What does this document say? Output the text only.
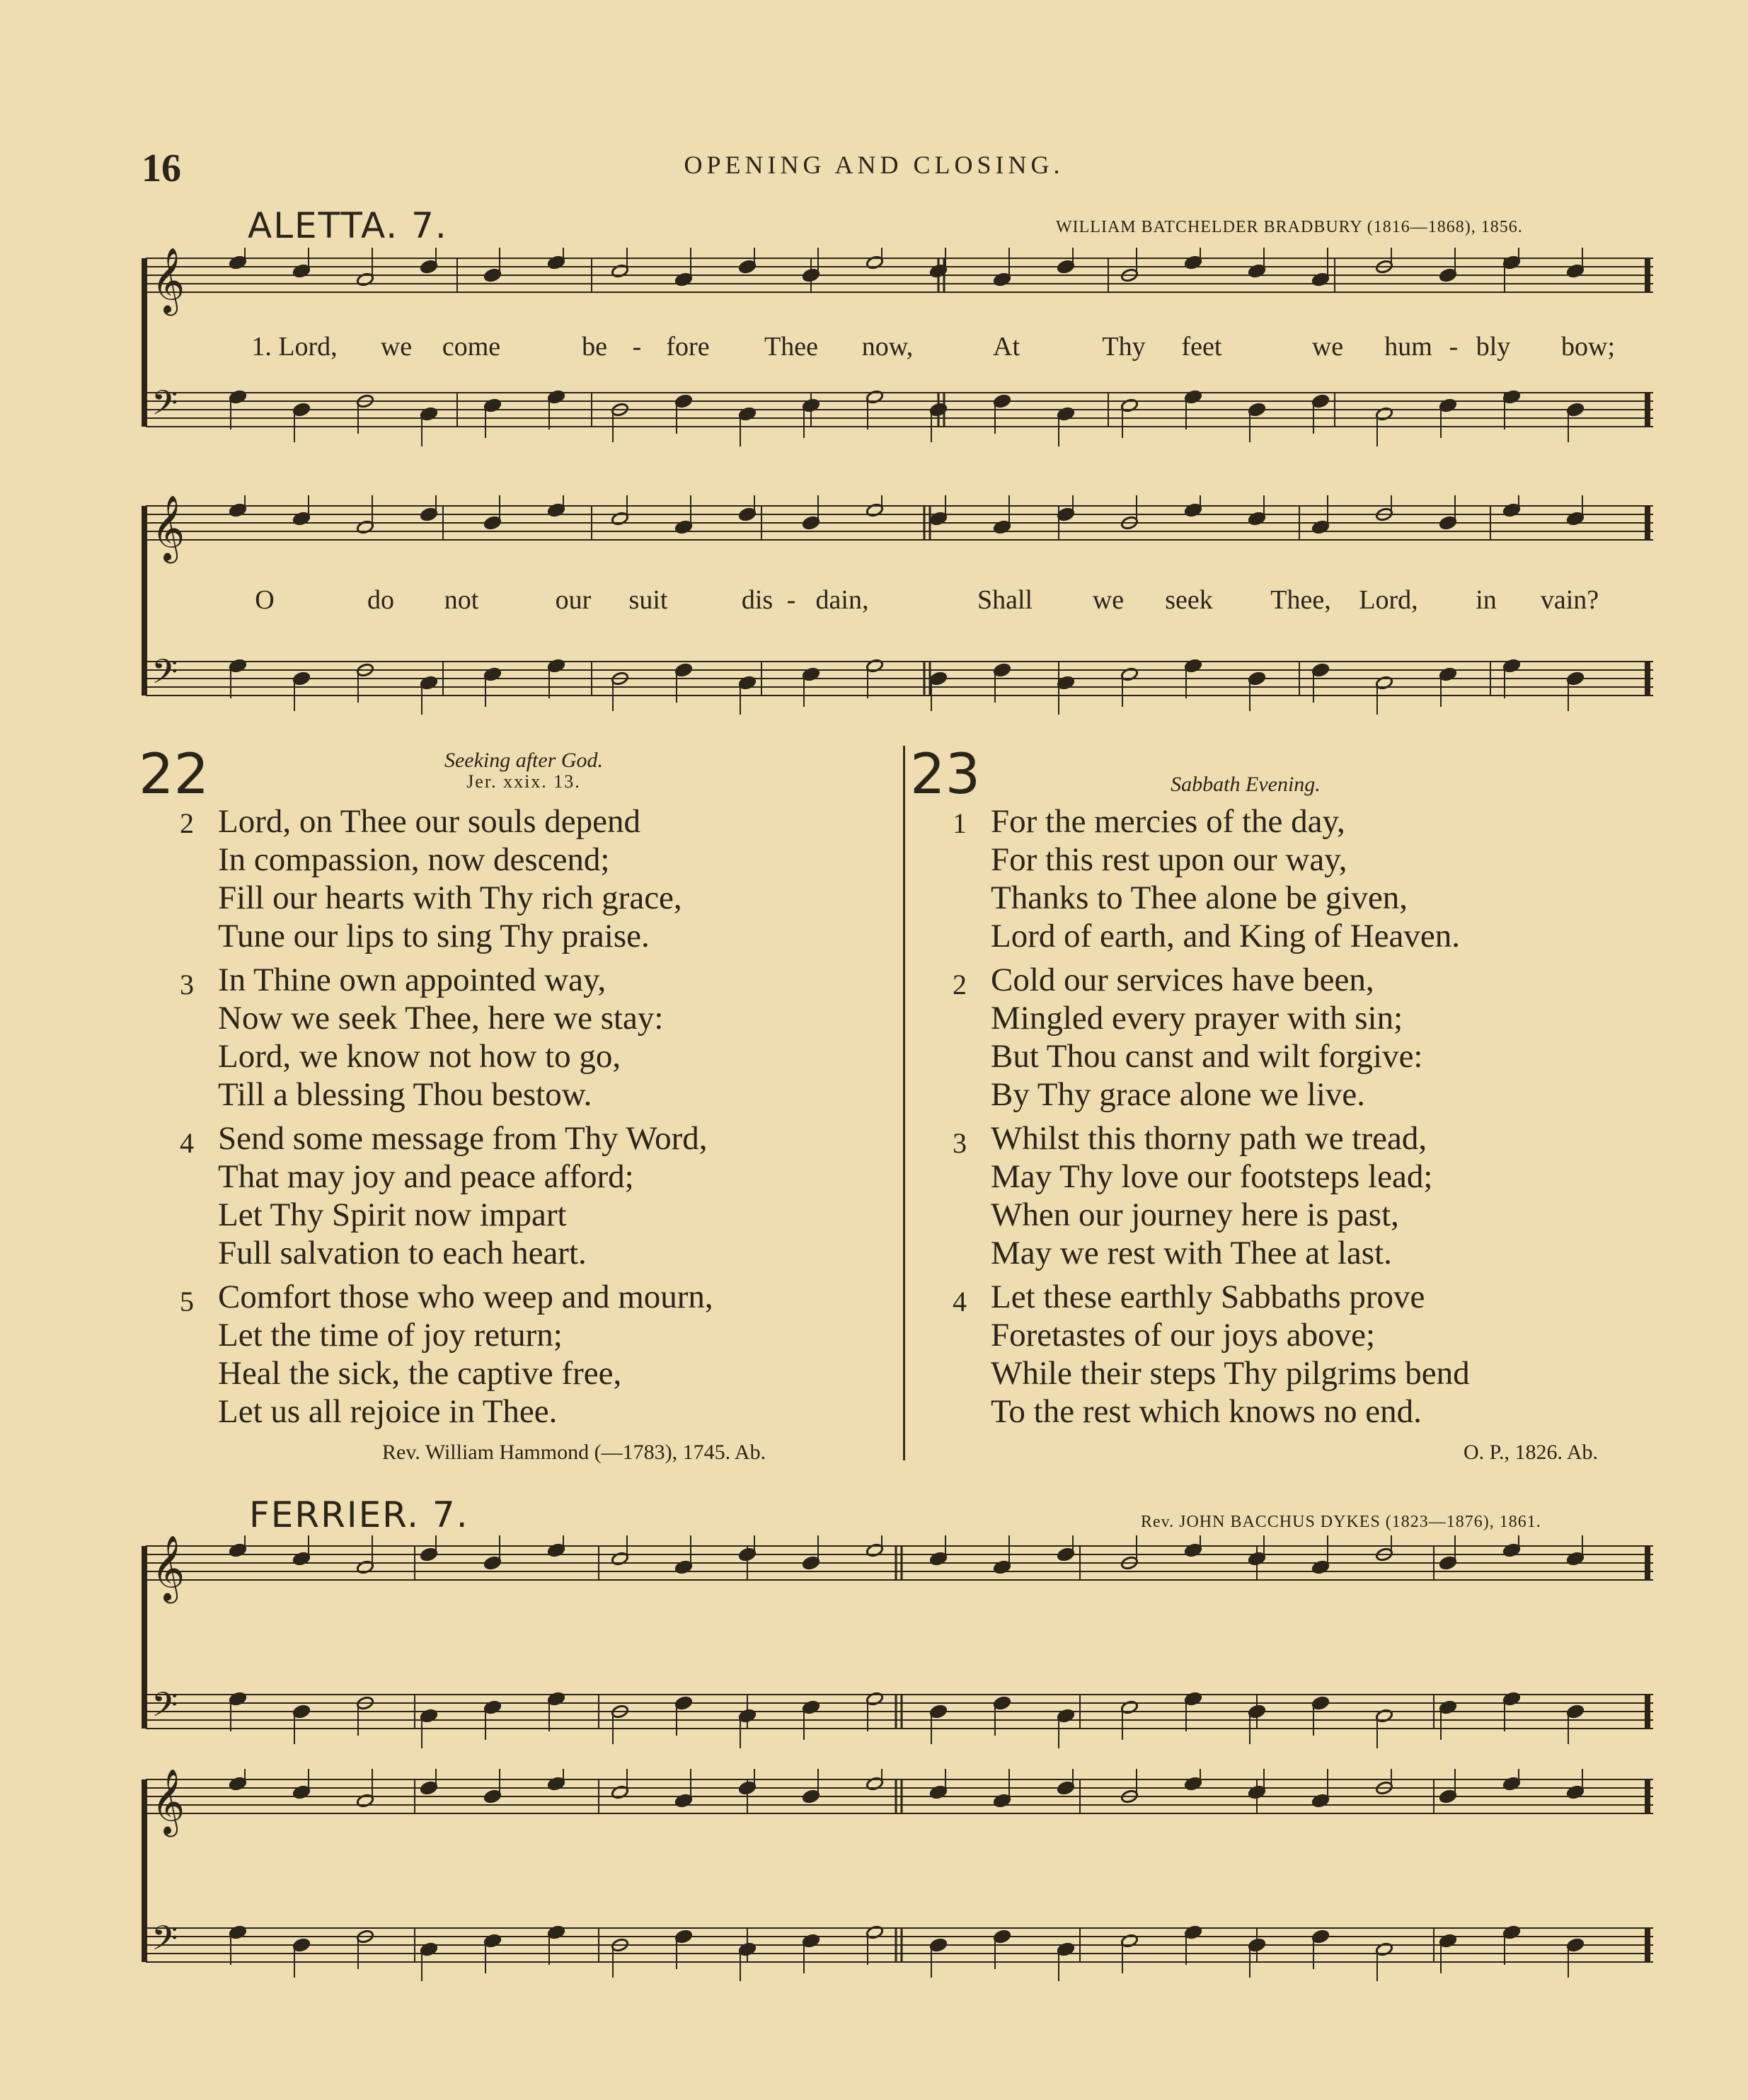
16	OPENING AND CLOSING.
ALETTA. 7.	WILLIAM BATCHELDER BRADBURY (1816—1868), 1856.
𝄞
𝄢
1. Lord, we come	be - fore Thee now,	At	Thy feet	we hum - bly bow;
𝄞
𝄢
O	do not	our suit	dis - dain,	Shall we seek Thee, Lord, in vain?
22	Seeking after God.
Jer. xxix. 13.
2 Lord, on Thee our souls depend
In compassion, now descend;
Fill our hearts with Thy rich grace,
Tune our lips to sing Thy praise.
3 In Thine own appointed way,
Now we seek Thee, here we stay:
Lord, we know not how to go,
Till a blessing Thou bestow.
4 Send some message from Thy Word,
That may joy and peace afford;
Let Thy Spirit now impart
Full salvation to each heart.
5 Comfort those who weep and mourn,
Let the time of joy return;
Heal the sick, the captive free,
Let us all rejoice in Thee.
Rev. William Hammond (—1783), 1745. Ab.
23	Sabbath Evening.
1 For the mercies of the day,
For this rest upon our way,
Thanks to Thee alone be given,
Lord of earth, and King of Heaven.
2 Cold our services have been,
Mingled every prayer with sin;
But Thou canst and wilt forgive:
By Thy grace alone we live.
3 Whilst this thorny path we tread,
May Thy love our footsteps lead;
When our journey here is past,
May we rest with Thee at last.
4 Let these earthly Sabbaths prove
Foretastes of our joys above;
While their steps Thy pilgrims bend
To the rest which knows no end.
O. P., 1826. Ab.
FERRIER. 7.	Rev. JOHN BACCHUS DYKES (1823—1876), 1861.
𝄞
𝄢
𝄞
𝄢
